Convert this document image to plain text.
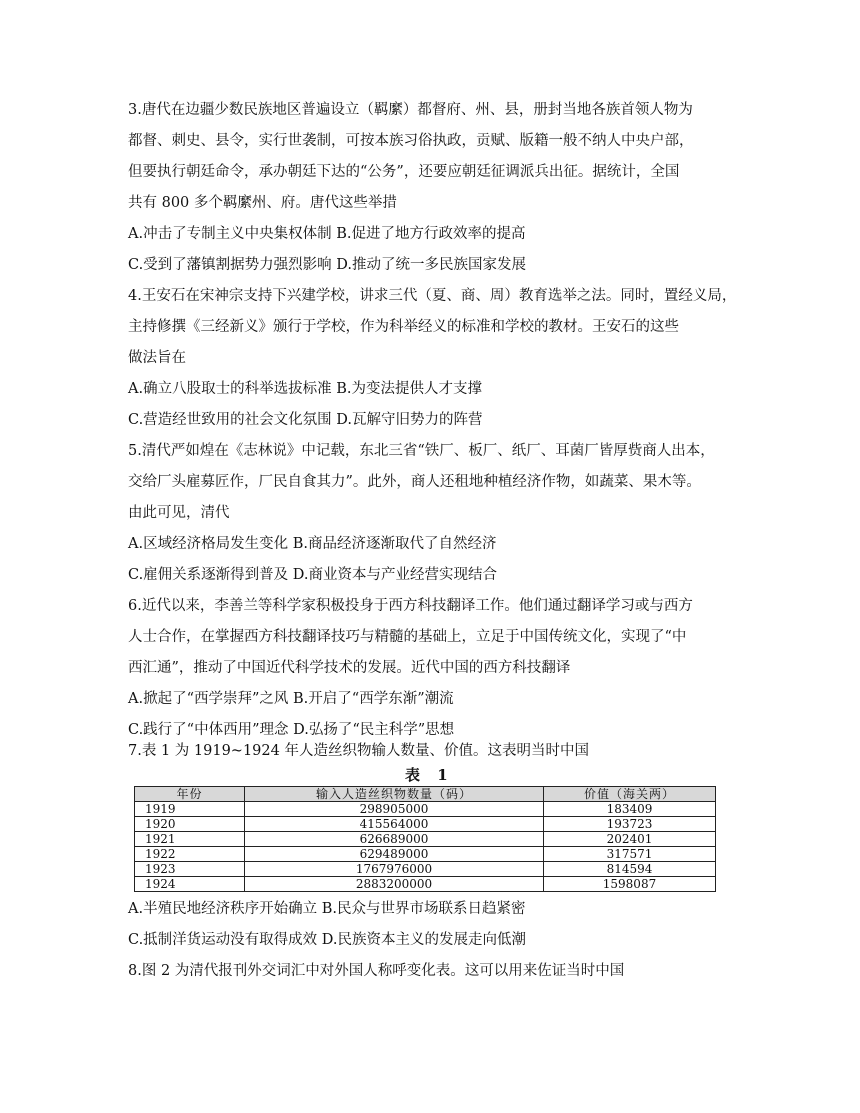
3.唐代在边疆少数民族地区普遍设立（羁縻）都督府、州、县，册封当地各族首领人物为
都督、刺史、县令，实行世袭制，可按本族习俗执政，贡赋、版籍一般不纳人中央户部，
但要执行朝廷命令，承办朝廷下达的“公务”，还要应朝廷征调派兵出征。据统计，全国
共有 800 多个羁縻州、府。唐代这些举措
A.冲击了专制主义中央集权体制 B.促进了地方行政效率的提高
C.受到了藩镇割据势力强烈影响 D.推动了统一多民族国家发展
4.王安石在宋神宗支持下兴建学校，讲求三代（夏、商、周）教育选举之法。同时，置经义局，
主持修撰《三经新义》颁行于学校，作为科举经义的标准和学校的教材。王安石的这些
做法旨在
A.确立八股取士的科举选拔标准 B.为变法提供人才支撑
C.营造经世致用的社会文化氛围 D.瓦解守旧势力的阵营
5.清代严如煌在《志林说》中记载，东北三省“铁厂、板厂、纸厂、耳菌厂皆厚赀商人出本，
交给厂头雇募匠作，厂民自食其力”。此外，商人还租地种植经济作物，如蔬菜、果木等。
由此可见，清代
A.区域经济格局发生变化 B.商品经济逐渐取代了自然经济
C.雇佣关系逐渐得到普及 D.商业资本与产业经营实现结合
6.近代以来，李善兰等科学家积极投身于西方科技翻译工作。他们通过翻译学习或与西方
人士合作，在掌握西方科技翻译技巧与精髓的基础上，立足于中国传统文化，实现了“中
西汇通”，推动了中国近代科学技术的发展。近代中国的西方科技翻译
A.掀起了“西学崇拜”之风 B.开启了“西学东渐”潮流
C.践行了“中体西用”理念 D.弘扬了“民主科学”思想
7.表 1 为 1919~1924 年人造丝织物输人数量、价值。这表明当时中国
表 1
年份	输入人造丝织物数量（码）	价值（海关两）
1919	298905000	183409
1920	415564000	193723
1921	626689000	202401
1922	629489000	317571
1923	1767976000	814594
1924	2883200000	1598087
A.半殖民地经济秩序开始确立 B.民众与世界市场联系日趋紧密
C.抵制洋货运动没有取得成效 D.民族资本主义的发展走向低潮
8.图 2 为清代报刊外交词汇中对外国人称呼变化表。这可以用来佐证当时中国
